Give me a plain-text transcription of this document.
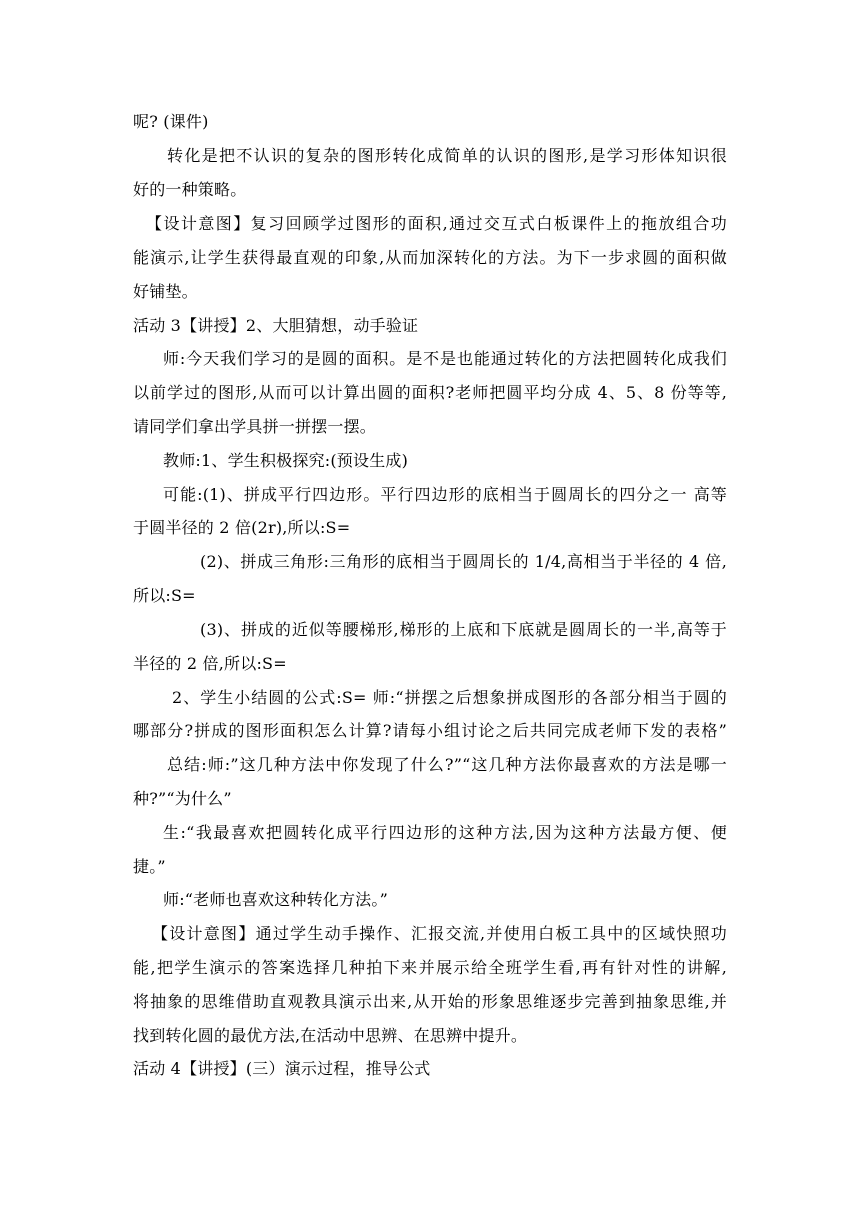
呢? (课件)
转化是把不认识的复杂的图形转化成简单的认识的图形,是学习形体知识很
好的一种策略。
【设计意图】复习回顾学过图形的面积,通过交互式白板课件上的拖放组合功
能演示,让学生获得最直观的印象,从而加深转化的方法。为下一步求圆的面积做
好铺垫。
活动 3【讲授】2、大胆猜想，动手验证
师:今天我们学习的是圆的面积。是不是也能通过转化的方法把圆转化成我们
以前学过的图形,从而可以计算出圆的面积?老师把圆平均分成 4、5、8 份等等,
请同学们拿出学具拼一拼摆一摆。
教师:1、学生积极探究:(预设生成)
可能:(1)、拼成平行四边形。平行四边形的底相当于圆周长的四分之一 高等
于圆半径的 2 倍(2r),所以:S=
(2)、拼成三角形:三角形的底相当于圆周长的 1/4,高相当于半径的 4 倍,
所以:S=
(3)、拼成的近似等腰梯形,梯形的上底和下底就是圆周长的一半,高等于
半径的 2 倍,所以:S=
2、学生小结圆的公式:S= 师:“拼摆之后想象拼成图形的各部分相当于圆的
哪部分?拼成的图形面积怎么计算?请每小组讨论之后共同完成老师下发的表格”
总结:师:”这几种方法中你发现了什么?”“这几种方法你最喜欢的方法是哪一
种?”“为什么”
生:“我最喜欢把圆转化成平行四边形的这种方法,因为这种方法最方便、便
捷。”
师:“老师也喜欢这种转化方法。”
【设计意图】通过学生动手操作、汇报交流,并使用白板工具中的区域快照功
能,把学生演示的答案选择几种拍下来并展示给全班学生看,再有针对性的讲解,
将抽象的思维借助直观教具演示出来,从开始的形象思维逐步完善到抽象思维,并
找到转化圆的最优方法,在活动中思辨、在思辨中提升。
活动 4【讲授】(三）演示过程，推导公式
